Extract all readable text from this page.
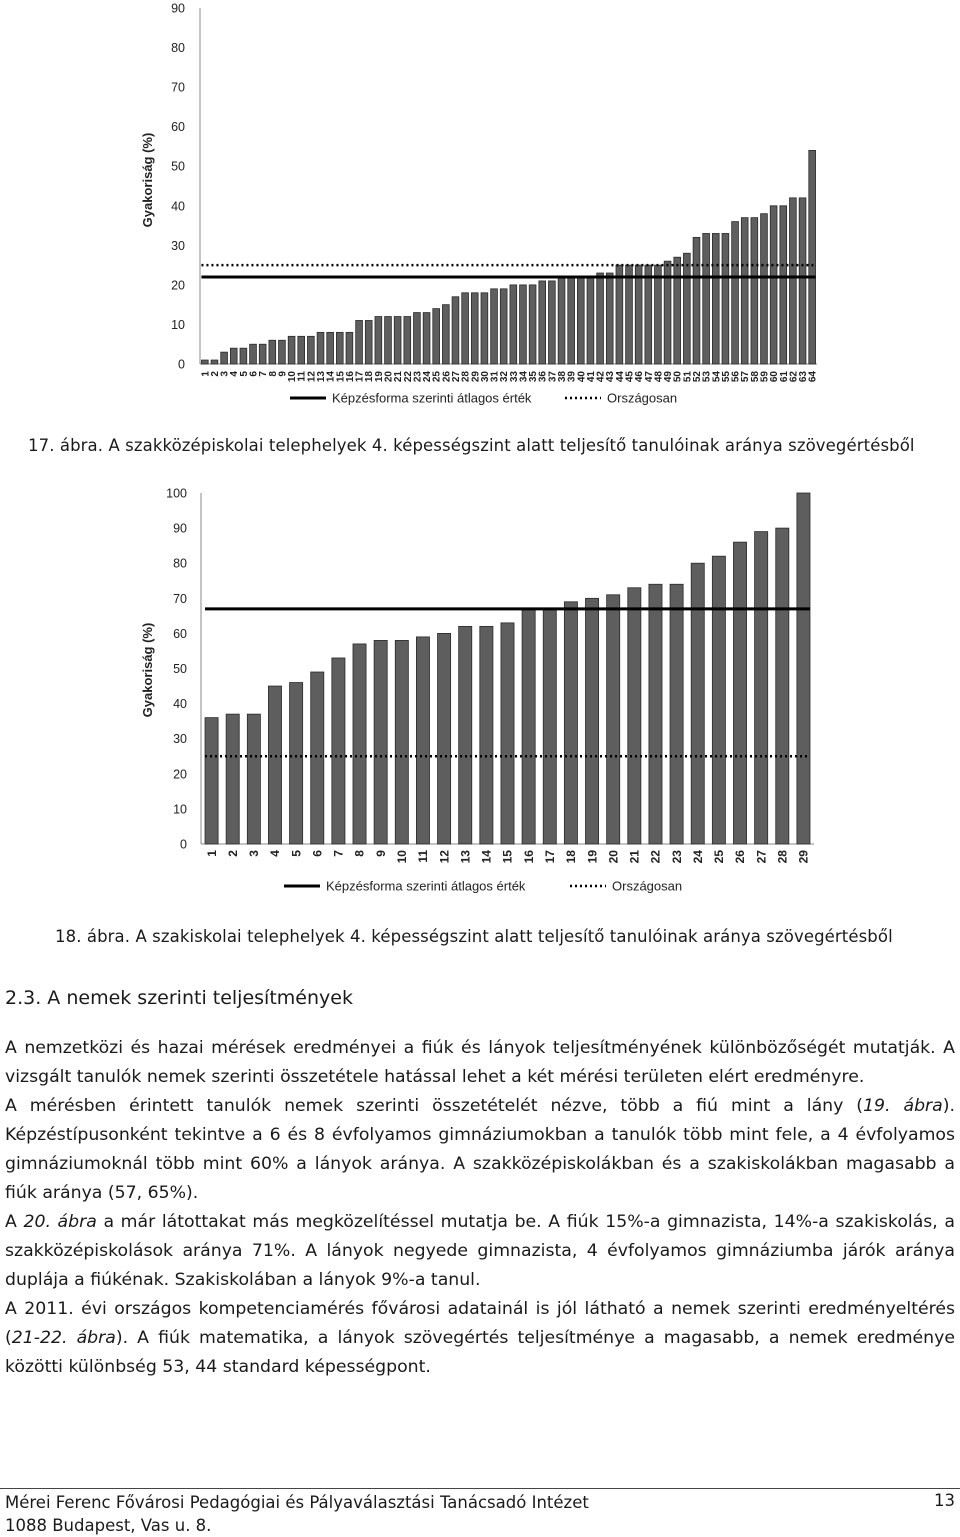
Gyakoriság (%)
0
10
20
30
40
50
60
70
80
90
1
2
3
4
5
6
7
8
9
10
11
12
13
14
15
16
17
18
19
20
21
22
23
24
25
26
27
28
29
30
31
32
33
34
35
36
37
38
39
40
41
42
43
44
45
46
47
48
49
50
51
52
53
54
55
56
57
58
59
60
61
62
63
64
Képzésforma szerinti átlagos érték	Országosan
17. ábra. A szakközépiskolai telephelyek 4. képességszint alatt teljesítő tanulóinak aránya szövegértésből
Gyakoriság (%)
0
10
20
30
40
50
60
70
80
90
100
1 2 3 4 5 6 7 8 9 10 11 12 13 14 15 16 17 18 19 20 21 22 23 24 25 26 27 28 29
Képzésforma szerinti átlagos érték	Országosan
18. ábra. A szakiskolai telephelyek 4. képességszint alatt teljesítő tanulóinak aránya szövegértésből
2.3. A nemek szerinti teljesítmények

A nemzetközi és hazai mérések eredményei a fiúk és lányok teljesítményének különbözőségét mutatják. A vizsgált tanulók nemek szerinti összetétele hatással lehet a két mérési területen elért eredményre.

A mérésben érintett tanulók nemek szerinti összetételét nézve, több a fiú mint a lány (19. ábra). Képzéstípusonként tekintve a 6 és 8 évfolyamos gimnáziumokban a tanulók több mint fele, a 4 évfolyamos gimnáziumoknál több mint 60% a lányok aránya. A szakközépiskolákban és a szakiskolákban magasabb a fiúk aránya (57, 65%).

A 20. ábra a már látottakat más megközelítéssel mutatja be. A fiúk 15%-a gimnazista, 14%-a szakiskolás, a szakközépiskolások aránya 71%. A lányok negyede gimnazista, 4 évfolyamos gimnáziumba járók aránya duplája a fiúkénak. Szakiskolában a lányok 9%-a tanul.

A 2011. évi országos kompetenciamérés fővárosi adatainál is jól látható a nemek szerinti eredményeltérés (21-22. ábra). A fiúk matematika, a lányok szövegértés teljesítménye a magasabb, a nemek eredménye közötti különbség 53, 44 standard képességpont.

Mérei Ferenc Fővárosi Pedagógiai és Pályaválasztási Tanácsadó Intézet
1088 Budapest, Vas u. 8.
13
